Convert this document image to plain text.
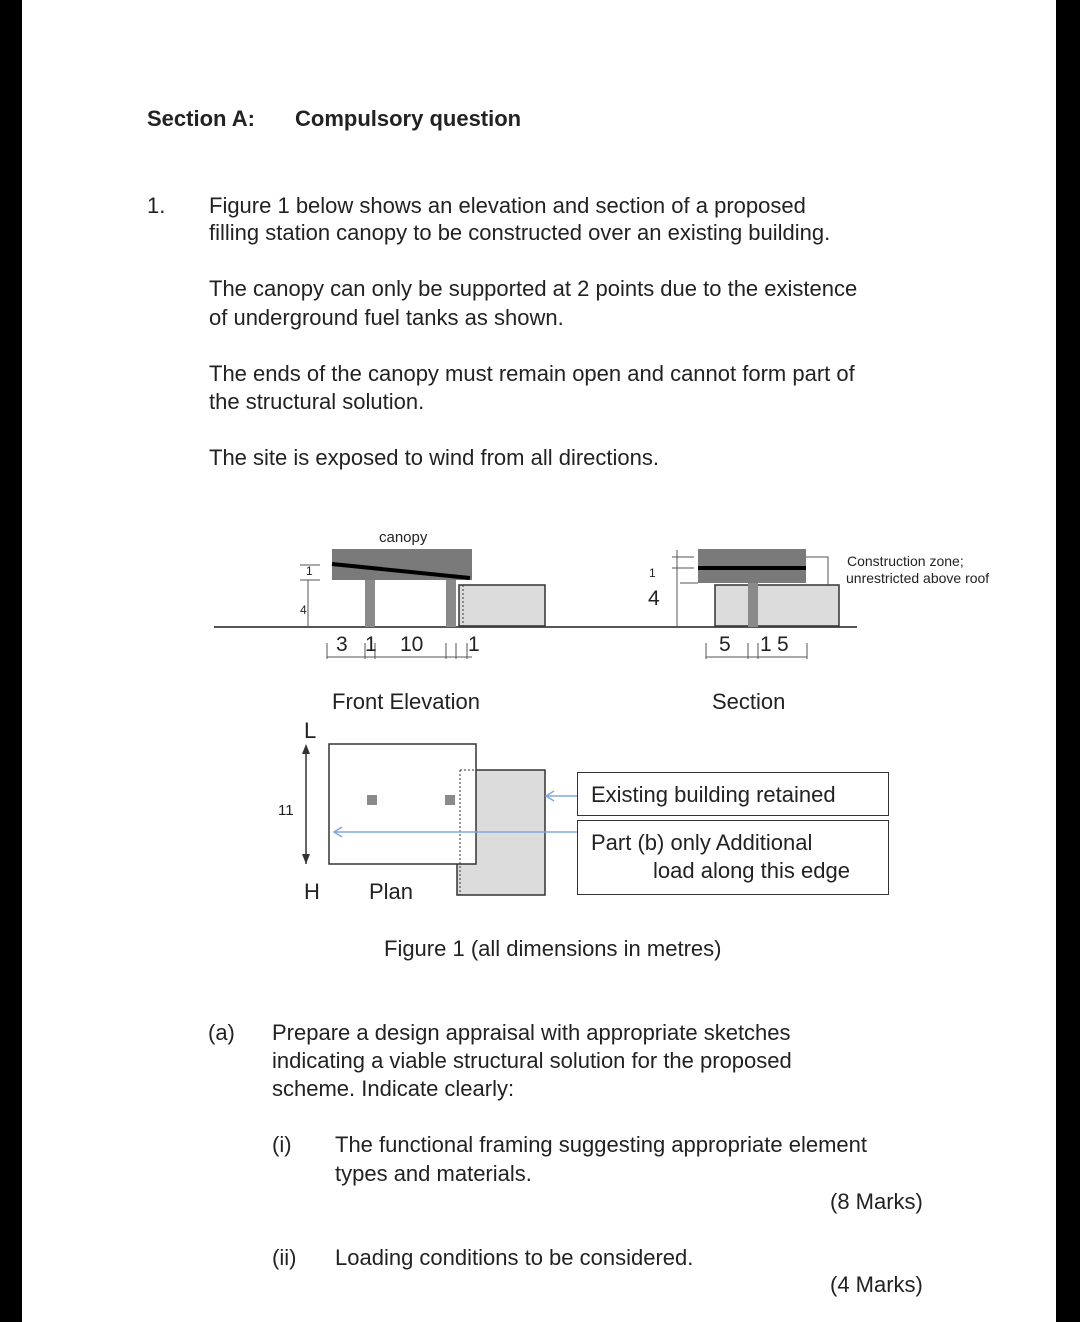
Section A: Compulsory question
1. Figure 1 below shows an elevation and section of a proposed
filling station canopy to be constructed over an existing building.
The canopy can only be supported at 2 points due to the existence
of underground fuel tanks as shown.
The ends of the canopy must remain open and cannot form part of
the structural solution.
The site is exposed to wind from all directions.
canopy
1
4
3 1 10 1
Front Elevation
1
4
5 1 5
Section
Construction zone;
unrestricted above roof
L
11
H Plan
Existing building retained
Part (b) only Additional
load along this edge
Figure 1 (all dimensions in metres)
(a) Prepare a design appraisal with appropriate sketches
indicating a viable structural solution for the proposed
scheme. Indicate clearly:
(i) The functional framing suggesting appropriate element
types and materials.
(8 Marks)
(ii) Loading conditions to be considered.
(4 Marks)
